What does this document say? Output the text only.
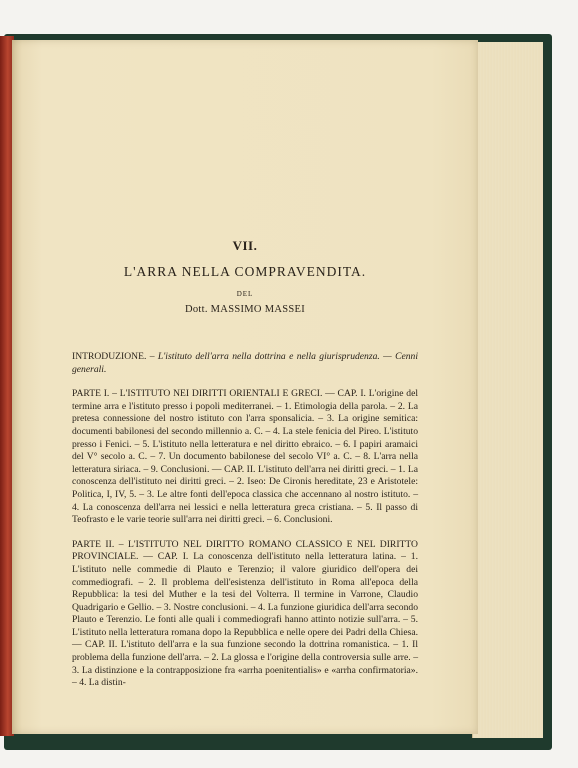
VII.
L'ARRA NELLA COMPRAVENDITA.
DEL
Dott. MASSIMO MASSEI

INTRODUZIONE. – L'istituto dell'arra nella dottrina e nella giurisprudenza. — Cenni generali.

PARTE I. – L'ISTITUTO NEI DIRITTI ORIENTALI E GRECI. — CAP. I. L'origine del termine arra e l'istituto presso i popoli mediterranei. – 1. Etimologia della parola. – 2. La pretesa connessione del nostro istituto con l'arra sponsalicia. – 3. La origine semitica: documenti babilonesi del secondo millennio a. C. – 4. La stele fenicia del Pireo. L'istituto presso i Fenici. – 5. L'istituto nella letteratura e nel diritto ebraico. – 6. I papiri aramaici del V° secolo a. C. – 7. Un documento babilonese del secolo VI° a. C. – 8. L'arra nella letteratura siriaca. – 9. Conclusioni. — CAP. II. L'istituto dell'arra nei diritti greci. – 1. La conoscenza dell'istituto nei diritti greci. – 2. Iseo: De Cironis hereditate, 23 e Aristotele: Politica, I, IV, 5. – 3. Le altre fonti dell'epoca classica che accennano al nostro istituto. – 4. La conoscenza dell'arra nei lessici e nella letteratura greca cristiana. – 5. Il passo di Teofrasto e le varie teorie sull'arra nei diritti greci. – 6. Conclusioni.

PARTE II. – L'ISTITUTO NEL DIRITTO ROMANO CLASSICO E NEL DIRITTO PROVINCIALE. — CAP. I. La conoscenza dell'istituto nella letteratura latina. – 1. L'istituto nelle commedie di Plauto e Terenzio; il valore giuridico dell'opera dei commediografi. – 2. Il problema dell'esistenza dell'istituto in Roma all'epoca della Repubblica: la tesi del Muther e la tesi del Volterra. Il termine in Varrone, Claudio Quadrigario e Gellio. – 3. Nostre conclusioni. – 4. La funzione giuridica dell'arra secondo Plauto e Terenzio. Le fonti alle quali i commediografi hanno attinto notizie sull'arra. – 5. L'istituto nella letteratura romana dopo la Repubblica e nelle opere dei Padri della Chiesa. — CAP. II. L'istituto dell'arra e la sua funzione secondo la dottrina romanistica. – 1. Il problema della funzione dell'arra. – 2. La glossa e l'origine della controversia sulle arre. – 3. La distinzione e la contrapposizione fra «arrha poenitentialis» e «arrha confirmatoria». – 4. La distin-
